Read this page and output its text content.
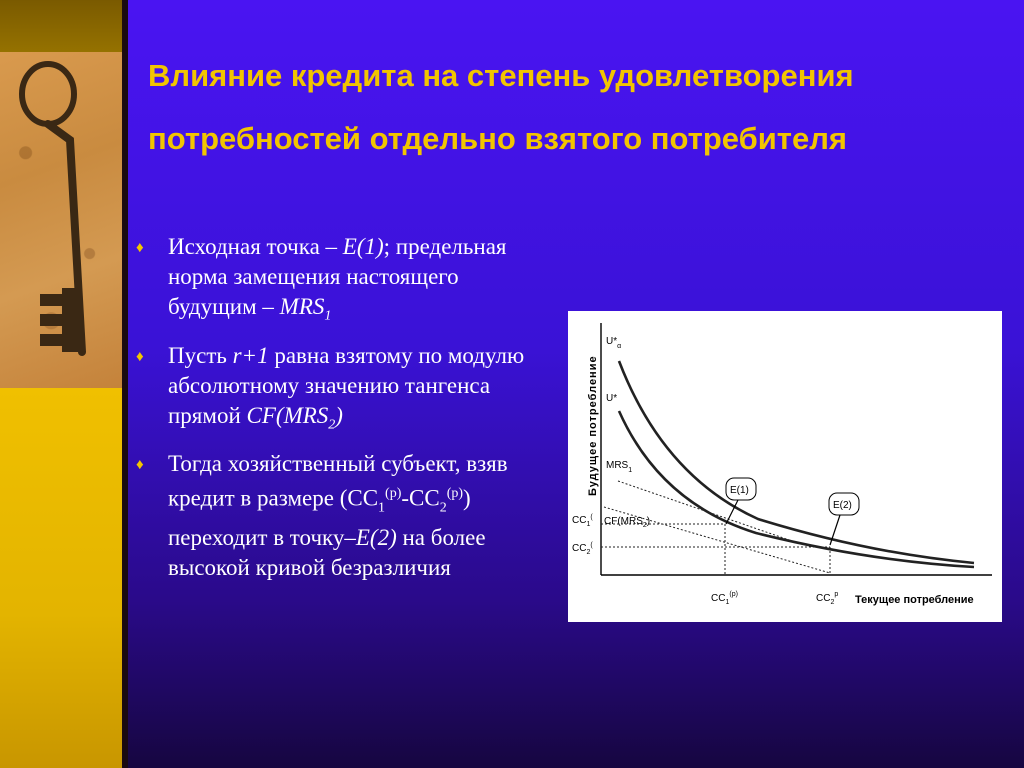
Влияние кредита на степень удовлетворения
потребностей отдельно взятого потребителя
♦ Исходная точка – E(1); предельная норма замещения настоящего будущим – $MRS_1$
♦ Пусть r+1 равна взятому по модулю абсолютному значению тангенса прямой $CF(MRS_2)$
♦ Тогда хозяйственный субъект, взяв кредит в размере $(CC_1^{(p)}-CC_2^{(p)})$ переходит в точку–E(2) на более высокой кривой безразличия
Будущее потребление
Текущее потребление
E(1)
E(2)
$U*_\alpha$
U*
$MRS_1$
$CF(MRS_2)$
$CC_1^($
$CC_2^($
$CC_1^{(p)}$	$CC_2^p$
